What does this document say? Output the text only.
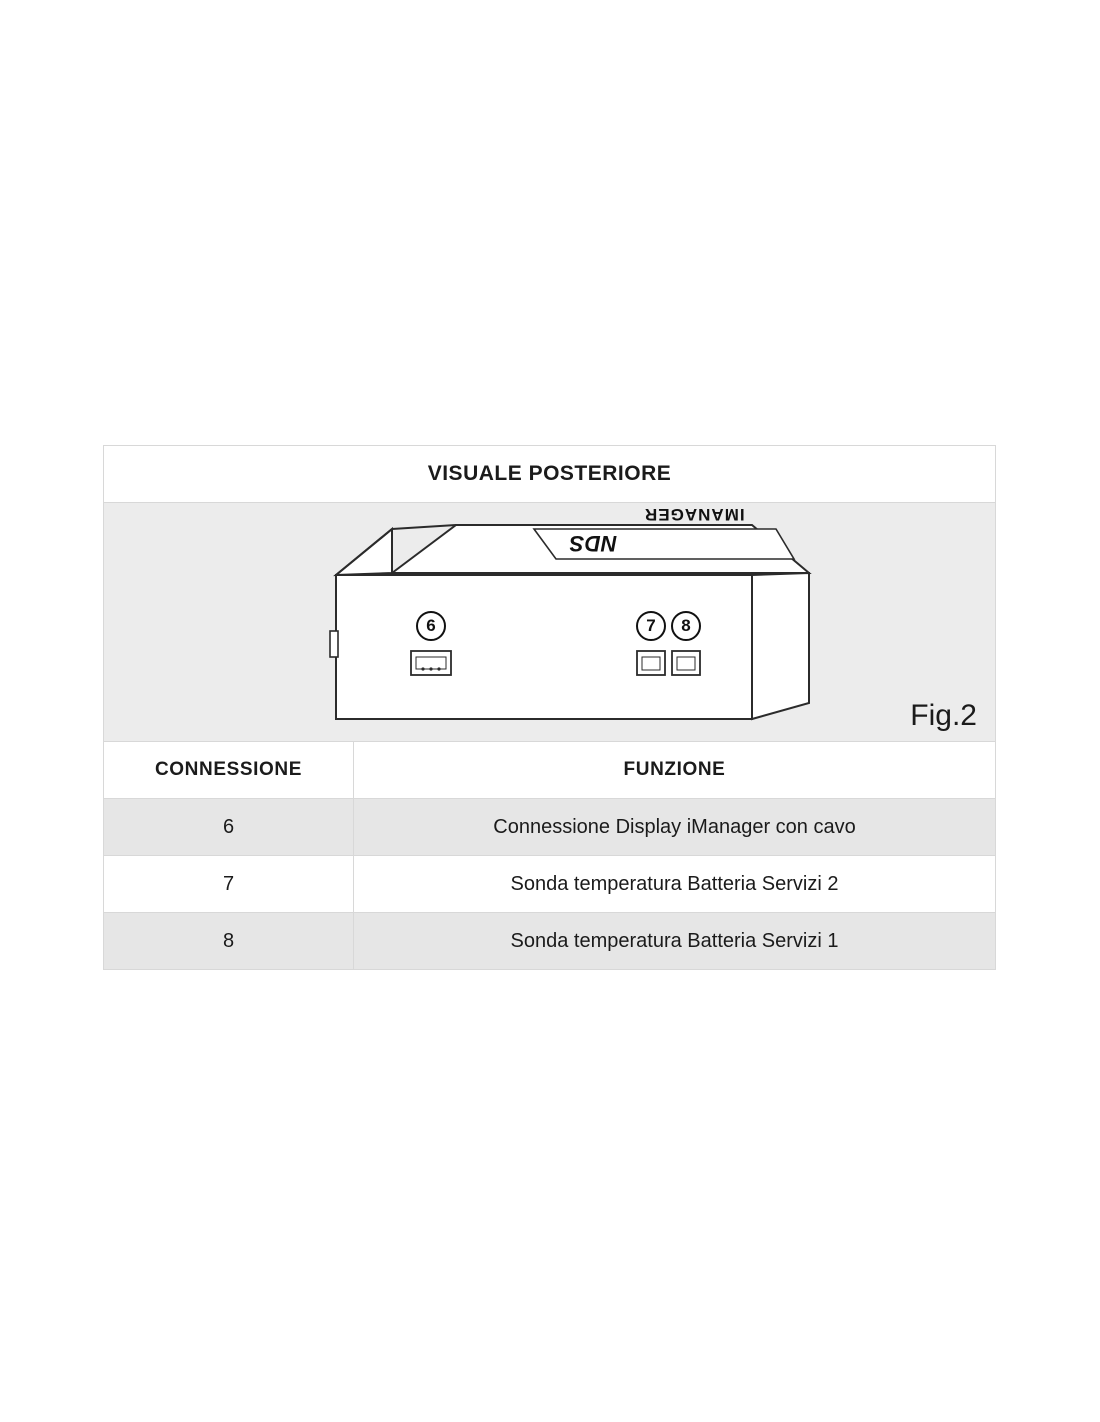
VISUALE POSTERIORE
NDS
IMANAGER
6	7	8
Fig.2
CONNESSIONE	FUNZIONE
6	Connessione Display iManager con cavo
7	Sonda temperatura Batteria Servizi 2
8	Sonda temperatura Batteria Servizi 1
